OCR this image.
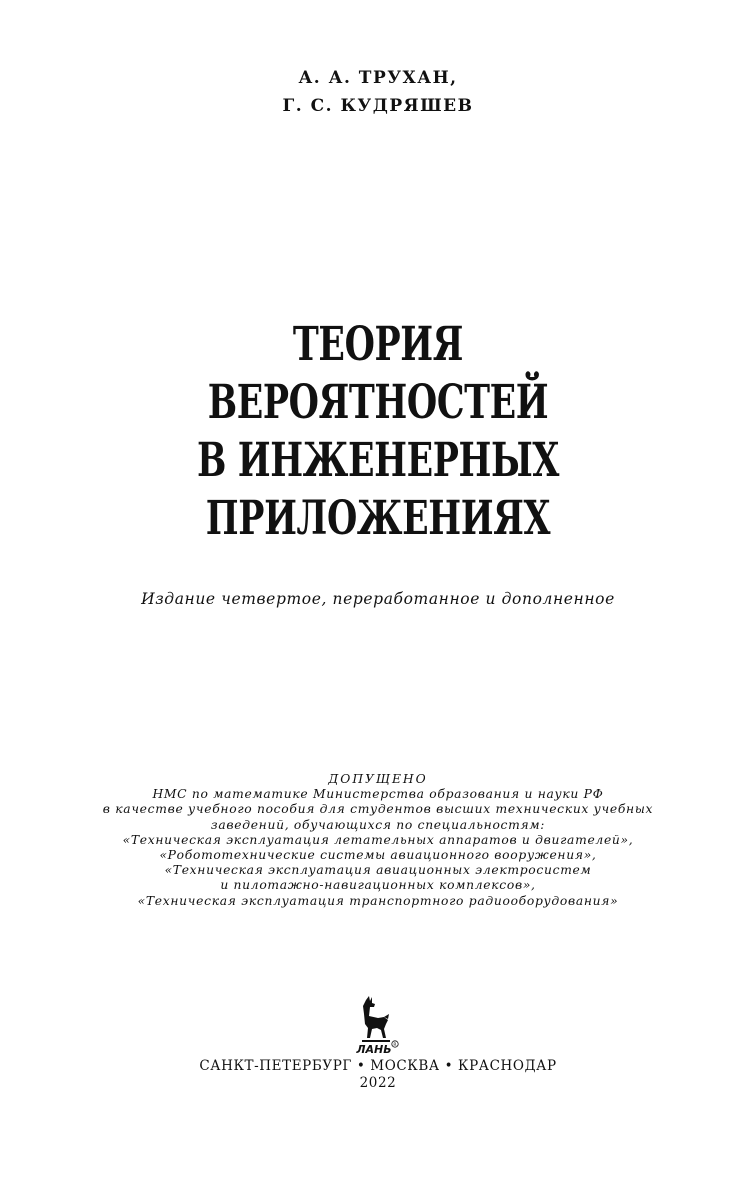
А. А. ТРУХАН,
Г. С. КУДРЯШЕВ
ТЕОРИЯ
ВЕРОЯТНОСТЕЙ
В ИНЖЕНЕРНЫХ
ПРИЛОЖЕНИЯХ
Издание четвертое, переработанное и дополненное
ДОПУЩЕНО
НМС по математике Министерства образования и науки РФ
в качестве учебного пособия для студентов высших технических учебных
заведений, обучающихся по специальностям:
«Техническая эксплуатация летательных аппаратов и двигателей»,
«Робототехнические системы авиационного вооружения»,
«Техническая эксплуатация авиационных электросистем
и пилотажно-навигационных комплексов»,
«Техническая эксплуатация транспортного радиооборудования»
ЛАНЬ R
САНКТ-ПЕТЕРБУРГ • МОСКВА • КРАСНОДАР
2022
